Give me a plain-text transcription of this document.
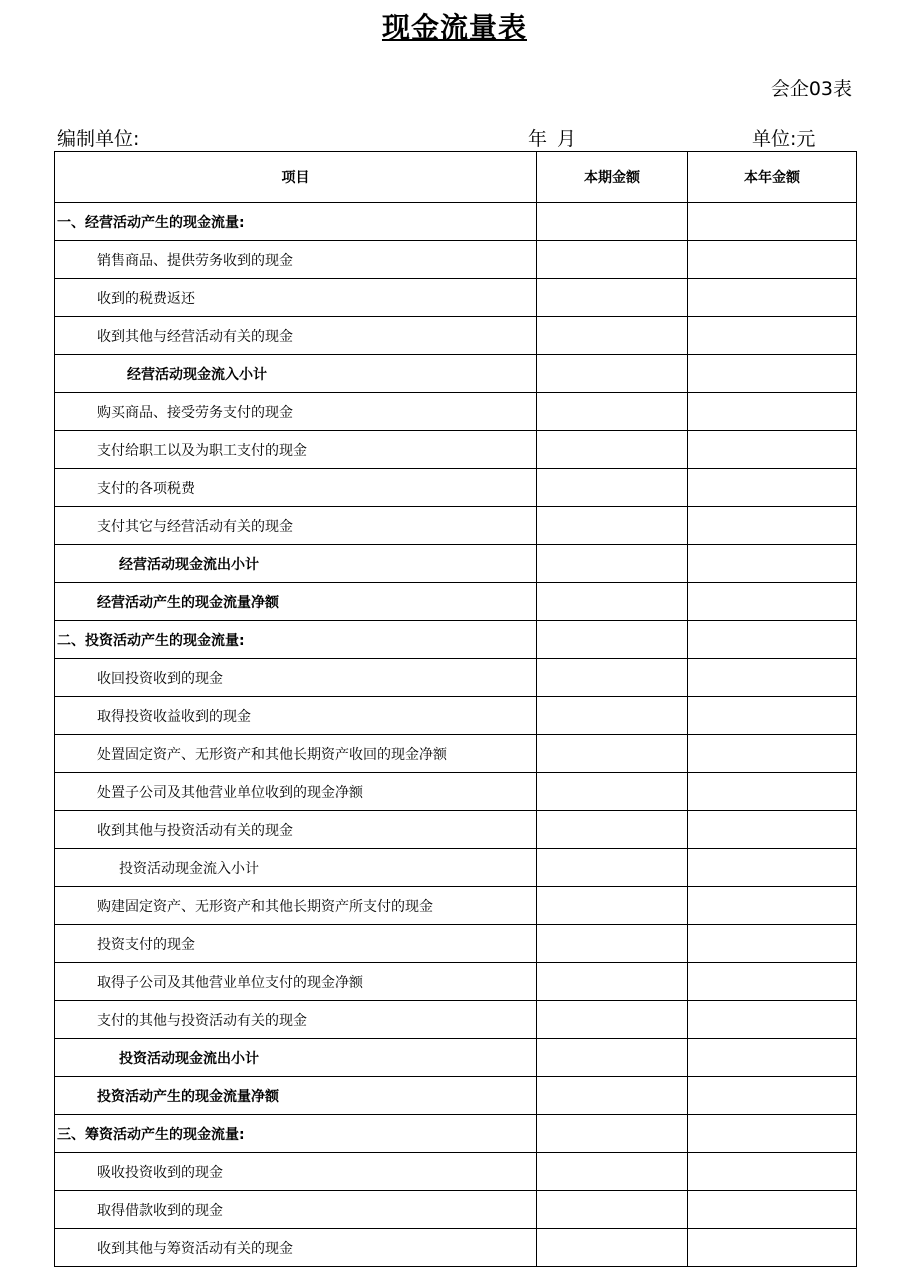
现金流量表
会企03表
编制单位:	年 月	单位:元
项目	本期金额	本年金额
一、经营活动产生的现金流量:		
销售商品、提供劳务收到的现金		
收到的税费返还		
收到其他与经营活动有关的现金		
经营活动现金流入小计		
购买商品、接受劳务支付的现金		
支付给职工以及为职工支付的现金		
支付的各项税费		
支付其它与经营活动有关的现金		
经营活动现金流出小计		
经营活动产生的现金流量净额		
二、投资活动产生的现金流量:		
收回投资收到的现金		
取得投资收益收到的现金		
处置固定资产、无形资产和其他长期资产收回的现金净额		
处置子公司及其他营业单位收到的现金净额		
收到其他与投资活动有关的现金		
投资活动现金流入小计		
购建固定资产、无形资产和其他长期资产所支付的现金		
投资支付的现金		
取得子公司及其他营业单位支付的现金净额		
支付的其他与投资活动有关的现金		
投资活动现金流出小计		
投资活动产生的现金流量净额		
三、筹资活动产生的现金流量:		
吸收投资收到的现金		
取得借款收到的现金		
收到其他与筹资活动有关的现金		
